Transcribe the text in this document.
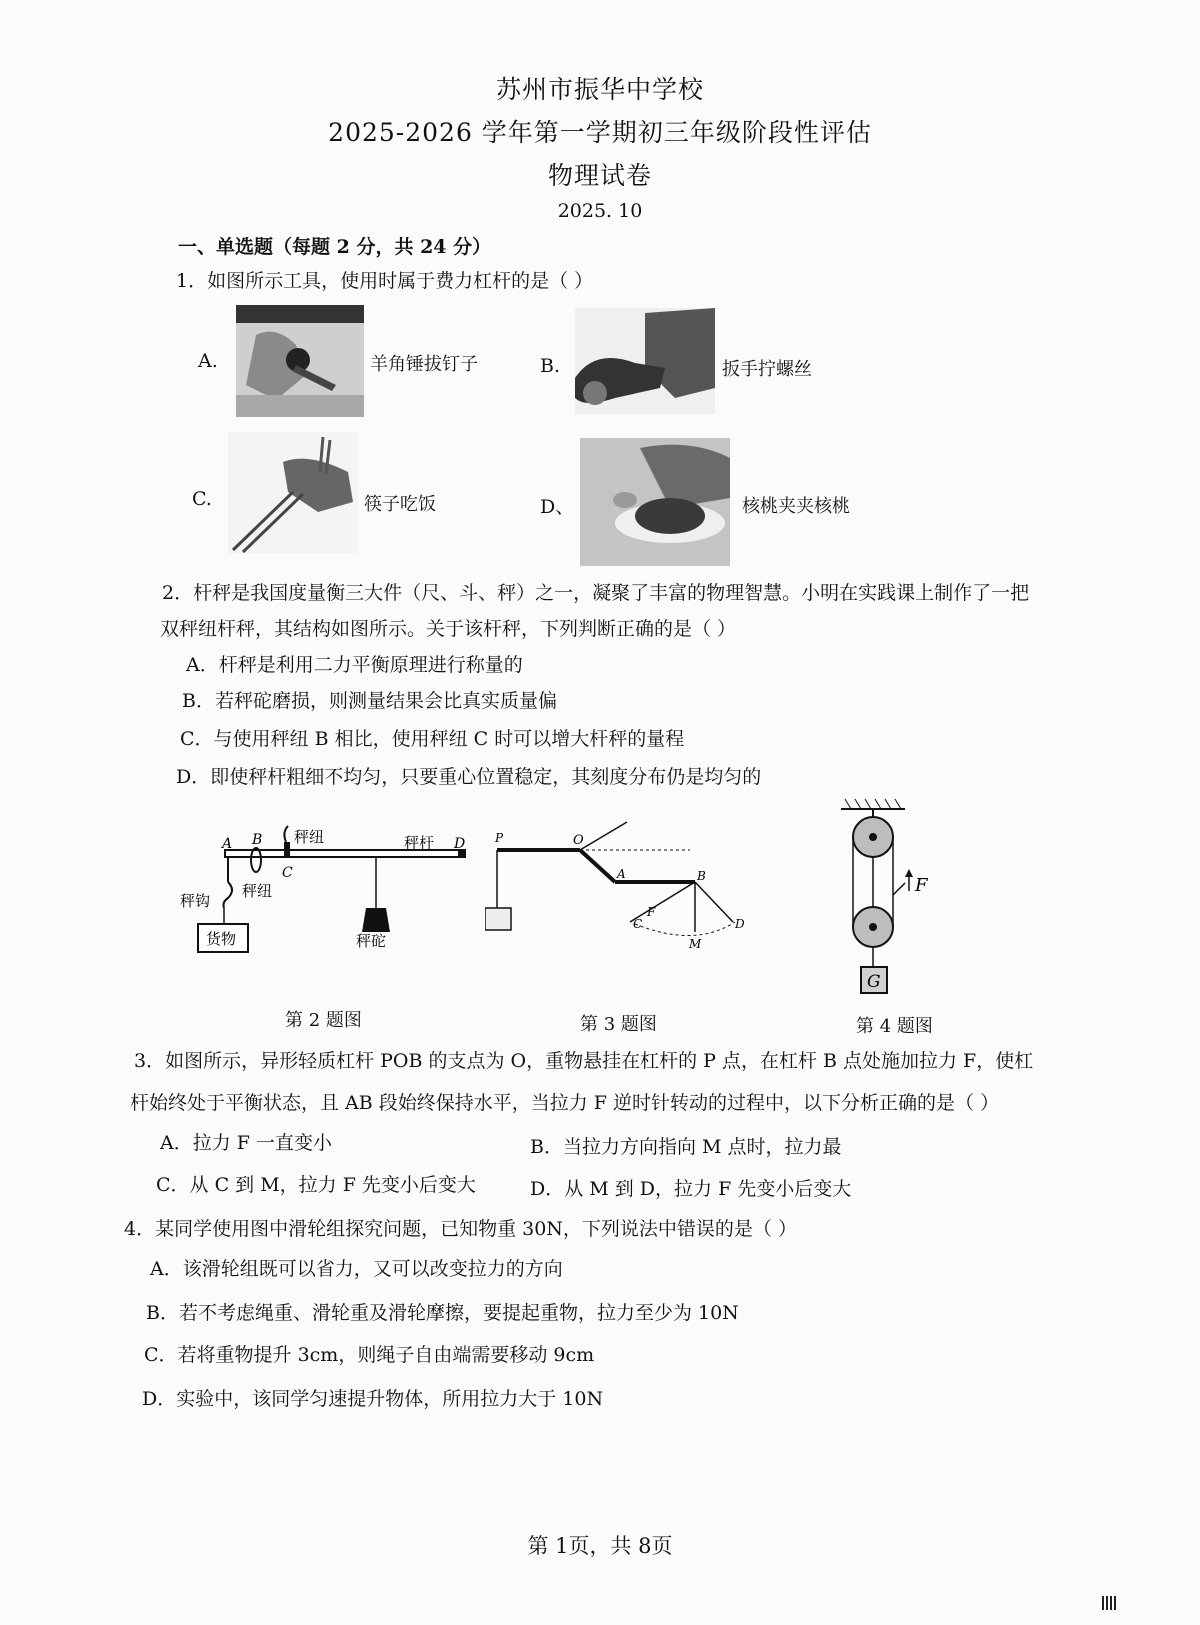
苏州市振华中学校
2025-2026 学年第一学期初三年级阶段性评估
物理试卷
2025. 10
一、单选题（每题 2 分，共 24 分）
1．如图所示工具，使用时属于费力杠杆的是（ ）
A.	羊角锤拔钉子	B.	扳手拧螺丝
C.	筷子吃饭	D、	核桃夹夹核桃
2．杆秤是我国度量衡三大件（尺、斗、秤）之一，凝聚了丰富的物理智慧。小明在实践课上制作了一把
双秤纽杆秤，其结构如图所示。关于该杆秤，下列判断正确的是（ ）
A．杆秤是利用二力平衡原理进行称量的
B．若秤砣磨损，则测量结果会比真实质量偏
C．与使用秤纽 B 相比，使用秤纽 C 时可以增大杆秤的量程
D．即使秤杆粗细不均匀，只要重心位置稳定，其刻度分布仍是均匀的
A B
C
D
秤纽
秤纽
秤杆
秤钩
货物	秤砣
第 2 题图
P	O
A	B
C	D
M
F
第 3 题图
F
G
第 4 题图
3．如图所示，异形轻质杠杆 POB 的支点为 O，重物悬挂在杠杆的 P 点，在杠杆 B 点处施加拉力 F，使杠
杆始终处于平衡状态，且 AB 段始终保持水平，当拉力 F 逆时针转动的过程中，以下分析正确的是（ ）
A．拉力 F 一直变小	B．当拉力方向指向 M 点时，拉力最
C．从 C 到 M，拉力 F 先变小后变大	D．从 M 到 D，拉力 F 先变小后变大
4．某同学使用图中滑轮组探究问题，已知物重 30N，下列说法中错误的是（ ）
A．该滑轮组既可以省力，又可以改变拉力的方向
B．若不考虑绳重、滑轮重及滑轮摩擦，要提起重物，拉力至少为 10N
C．若将重物提升 3cm，则绳子自由端需要移动 9cm
D．实验中，该同学匀速提升物体，所用拉力大于 10N
第 1页，共 8页
